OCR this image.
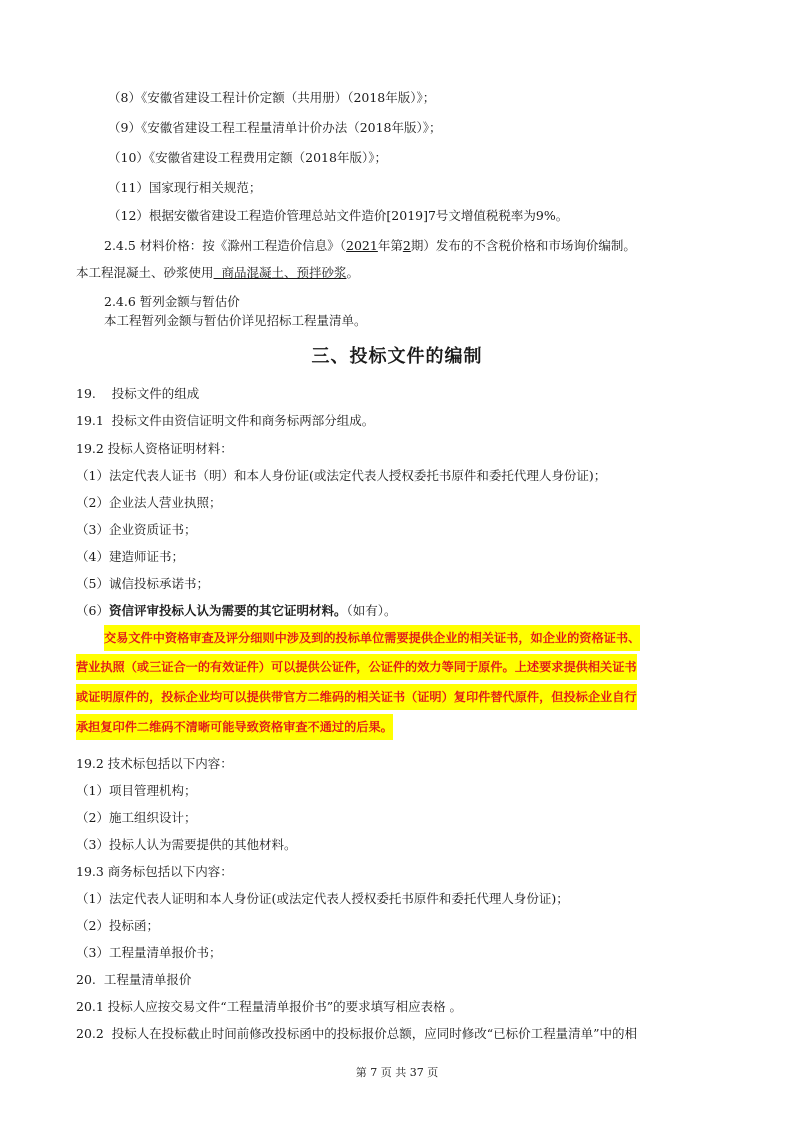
（8）《安徽省建设工程计价定额（共用册）（2018年版）》；
（9）《安徽省建设工程工程量清单计价办法（2018年版）》；
（10）《安徽省建设工程费用定额（2018年版）》；
（11）国家现行相关规范；
（12）根据安徽省建设工程造价管理总站文件造价[2019]7号文增值税税率为9%。
2.4.5 材料价格：按《滁州工程造价信息》（2021年第2期）发布的不含税价格和市场询价编制。
本工程混凝土、砂浆使用  商品混凝土、预拌砂浆。
2.4.6 暂列金额与暂估价
本工程暂列金额与暂估价详见招标工程量清单。
三、投标文件的编制
19.    投标文件的组成
19.1  投标文件由资信证明文件和商务标两部分组成。
19.2 投标人资格证明材料：
（1）法定代表人证书（明）和本人身份证(或法定代表人授权委托书原件和委托代理人身份证)；
（2）企业法人营业执照；
（3）企业资质证书；
（4）建造师证书；
（5）诚信投标承诺书；
（6）资信评审投标人认为需要的其它证明材料。（如有）。
交易文件中资格审查及评分细则中涉及到的投标单位需要提供企业的相关证书，如企业的资格证书、
营业执照（或三证合一的有效证件）可以提供公证件，公证件的效力等同于原件。上述要求提供相关证书
或证明原件的，投标企业均可以提供带官方二维码的相关证书（证明）复印件替代原件，但投标企业自行
承担复印件二维码不清晰可能导致资格审查不通过的后果。
19.2 技术标包括以下内容：
（1）项目管理机构；
（2）施工组织设计；
（3）投标人认为需要提供的其他材料。
19.3 商务标包括以下内容：
（1）法定代表人证明和本人身份证(或法定代表人授权委托书原件和委托代理人身份证)；
（2）投标函；
（3）工程量清单报价书；
20.  工程量清单报价
20.1 投标人应按交易文件“工程量清单报价书”的要求填写相应表格 。
20.2  投标人在投标截止时间前修改投标函中的投标报价总额，应同时修改“已标价工程量清单”中的相
第 7 页 共 37 页
